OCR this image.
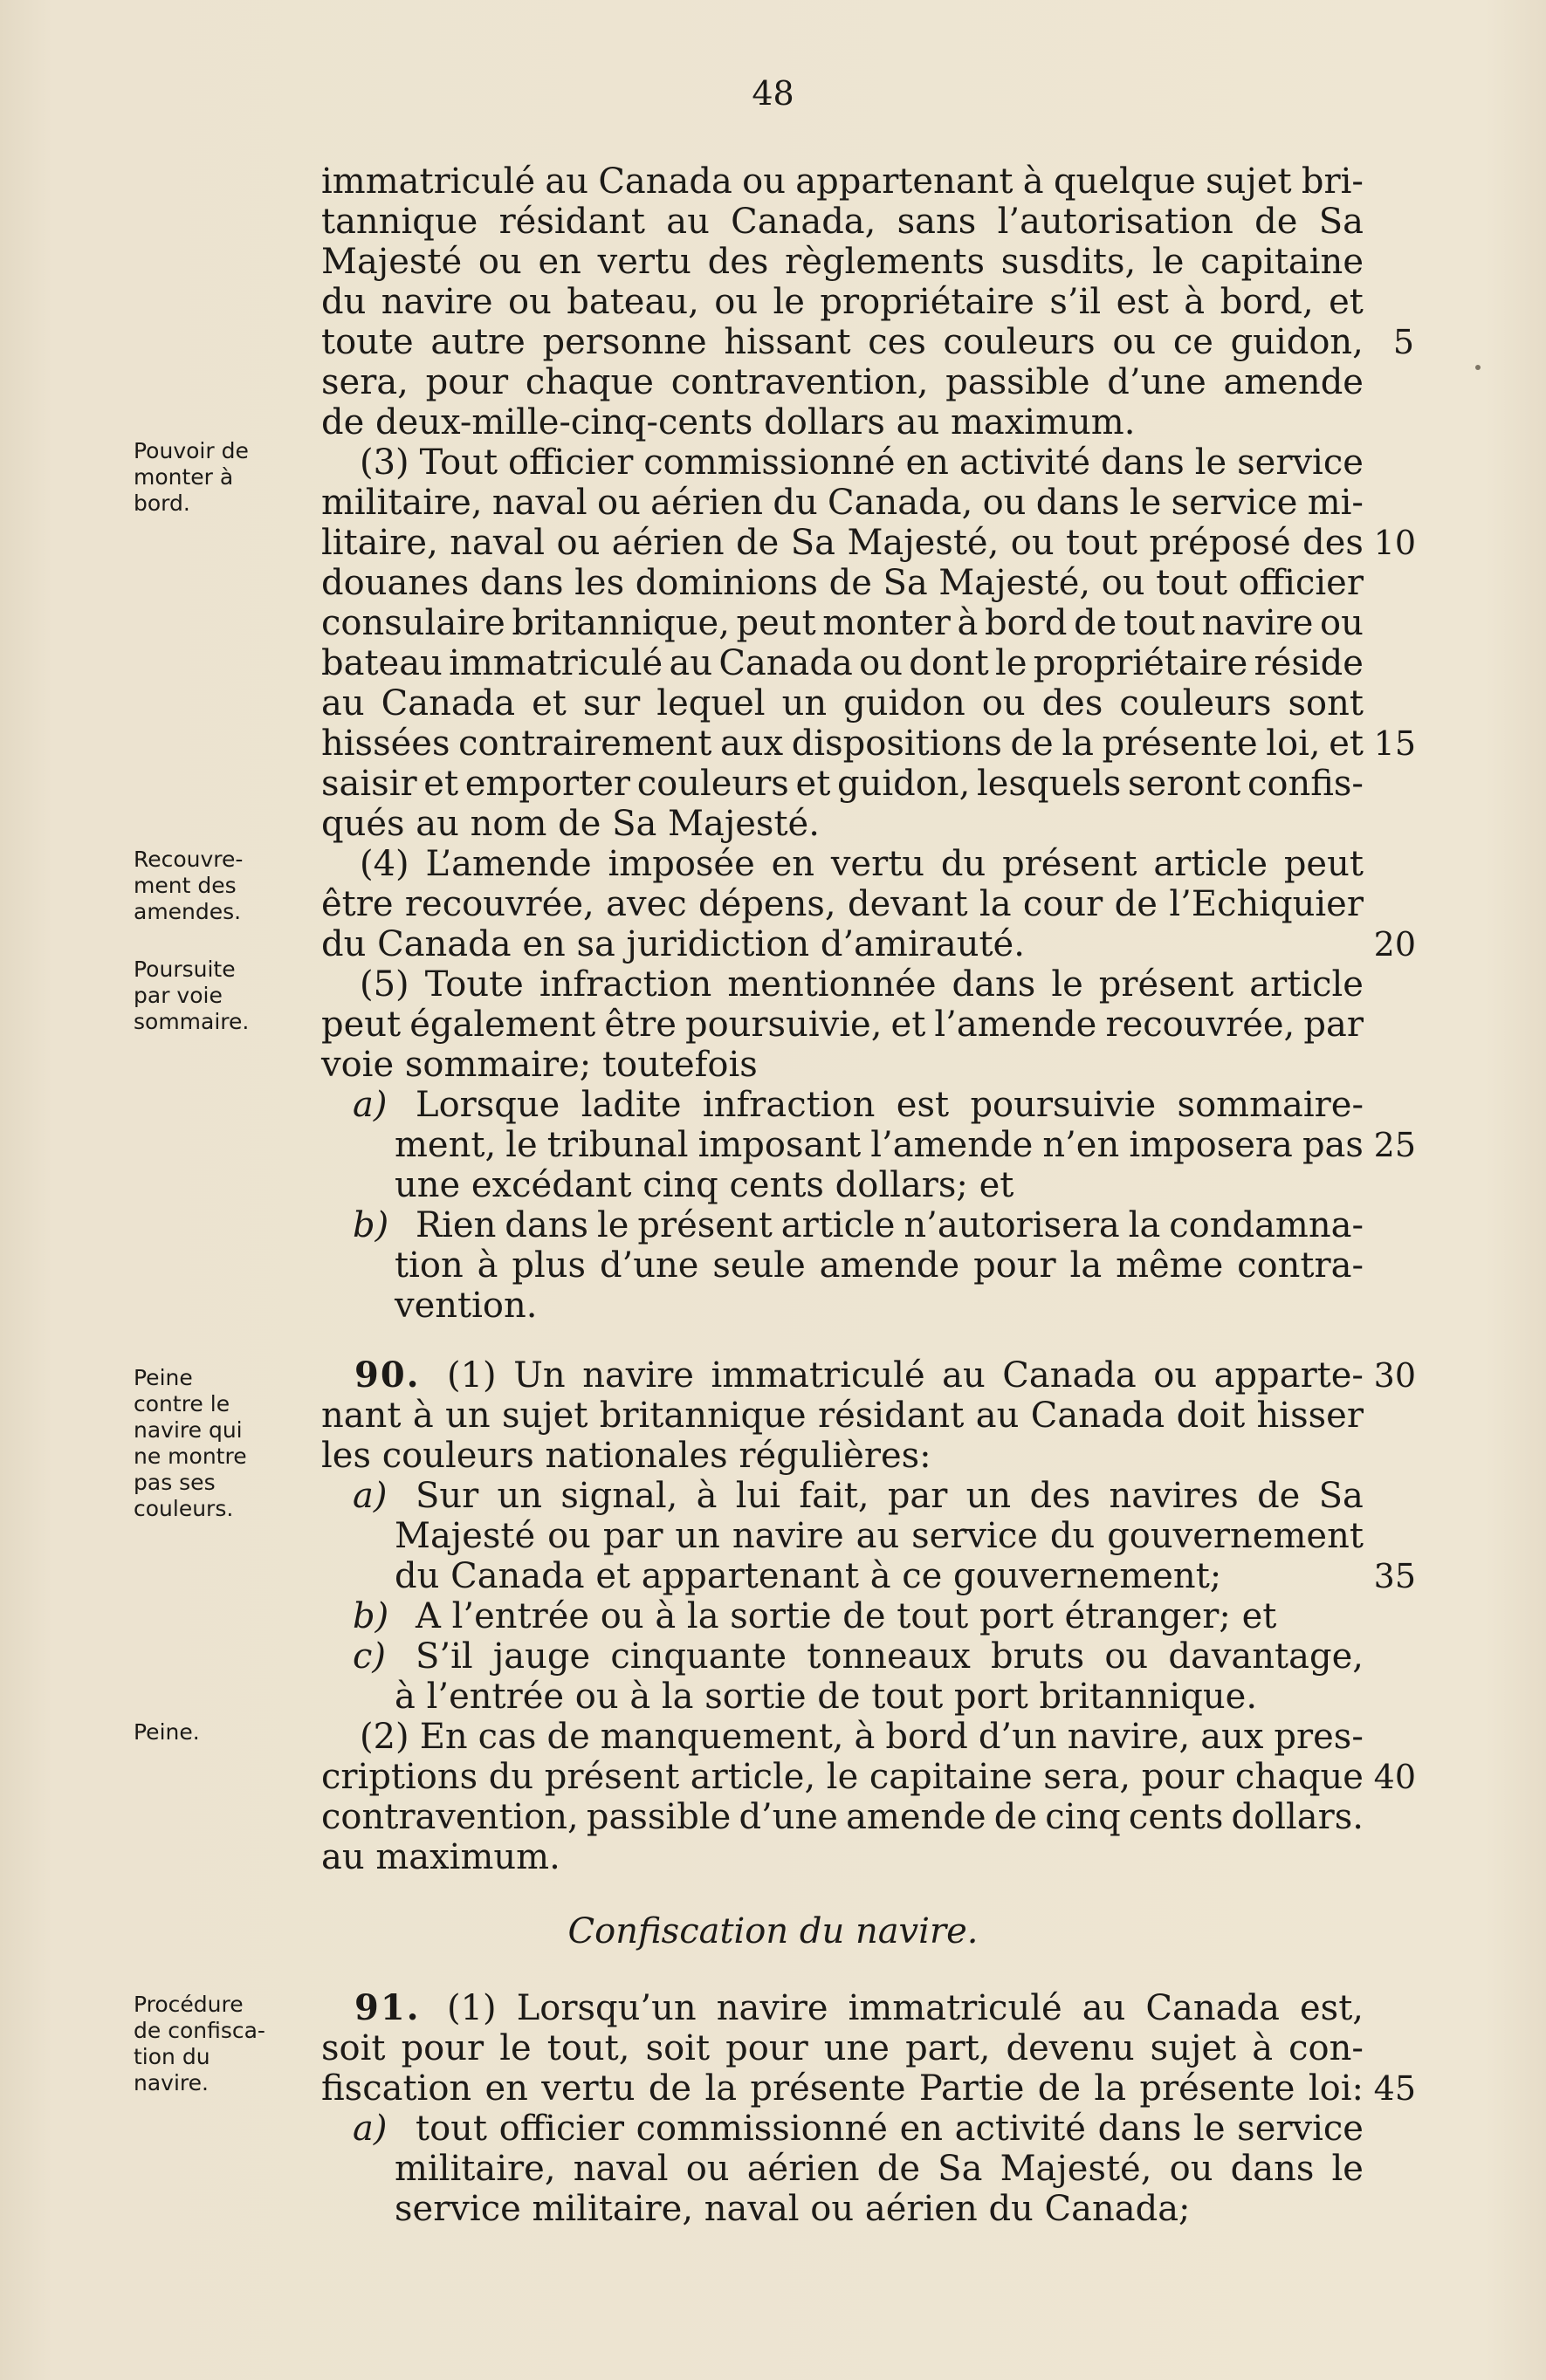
48
Pouvoir de
monter à
bord.
Recouvre-
ment des
amendes.
Poursuite
par voie
sommaire.
Peine
contre le
navire qui
ne montre
pas ses
couleurs.
Peine.
Procédure
de confisca-
tion du
navire.
immatriculé au Canada ou appartenant à quelque sujet bri-
tannique résidant au Canada, sans l’autorisation de Sa
Majesté ou en vertu des règlements susdits, le capitaine
du navire ou bateau, ou le propriétaire s’il est à bord, et
toute autre personne hissant ces couleurs ou ce guidon, 5
sera, pour chaque contravention, passible d’une amende
de deux-mille-cinq-cents dollars au maximum.
(3) Tout officier commissionné en activité dans le service
militaire, naval ou aérien du Canada, ou dans le service mi-
litaire, naval ou aérien de Sa Majesté, ou tout préposé des 10
douanes dans les dominions de Sa Majesté, ou tout officier
consulaire britannique, peut monter à bord de tout navire ou
bateau immatriculé au Canada ou dont le propriétaire réside
au Canada et sur lequel un guidon ou des couleurs sont
hissées contrairement aux dispositions de la présente loi, et 15
saisir et emporter couleurs et guidon, lesquels seront confis-
qués au nom de Sa Majesté.
(4) L’amende imposée en vertu du présent article peut
être recouvrée, avec dépens, devant la cour de l’Echiquier
du Canada en sa juridiction d’amirauté.	20
(5) Toute infraction mentionnée dans le présent article
peut également être poursuivie, et l’amende recouvrée, par
voie sommaire; toutefois
a) Lorsque ladite infraction est poursuivie sommaire-
ment, le tribunal imposant l’amende n’en imposera pas 25
une excédant cinq cents dollars; et
b) Rien dans le présent article n’autorisera la condamna-
tion à plus d’une seule amende pour la même contra-
vention.
90. (1) Un navire immatriculé au Canada ou apparte- 30
nant à un sujet britannique résidant au Canada doit hisser
les couleurs nationales régulières:
a) Sur un signal, à lui fait, par un des navires de Sa
Majesté ou par un navire au service du gouvernement
du Canada et appartenant à ce gouvernement;	35
b) A l’entrée ou à la sortie de tout port étranger; et
c) S’il jauge cinquante tonneaux bruts ou davantage,
à l’entrée ou à la sortie de tout port britannique.
(2) En cas de manquement, à bord d’un navire, aux pres-
criptions du présent article, le capitaine sera, pour chaque 40
contravention, passible d’une amende de cinq cents dollars.
au maximum.
Confiscation du navire.
91. (1) Lorsqu’un navire immatriculé au Canada est,
soit pour le tout, soit pour une part, devenu sujet à con-
fiscation en vertu de la présente Partie de la présente loi: 45
a) tout officier commissionné en activité dans le service
militaire, naval ou aérien de Sa Majesté, ou dans le
service militaire, naval ou aérien du Canada;
